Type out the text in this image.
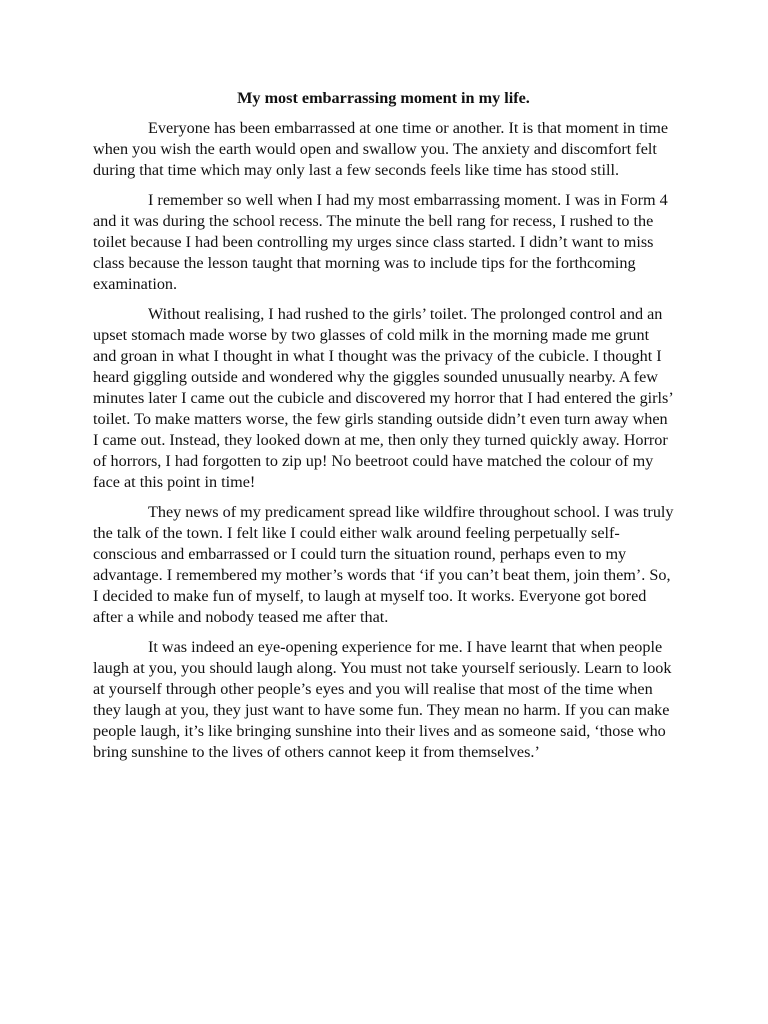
My most embarrassing moment in my life.

Everyone has been embarrassed at one time or another. It is that moment in time when you wish the earth would open and swallow you. The anxiety and discomfort felt during that time which may only last a few seconds feels like time has stood still.

I remember so well when I had my most embarrassing moment. I was in Form 4 and it was during the school recess. The minute the bell rang for recess, I rushed to the toilet because I had been controlling my urges since class started. I didn’t want to miss class because the lesson taught that morning was to include tips for the forthcoming examination.

Without realising, I had rushed to the girls’ toilet. The prolonged control and an upset stomach made worse by two glasses of cold milk in the morning made me grunt and groan in what I thought in what I thought was the privacy of the cubicle. I thought I heard giggling outside and wondered why the giggles sounded unusually nearby. A few minutes later I came out the cubicle and discovered my horror that I had entered the girls’ toilet. To make matters worse, the few girls standing outside didn’t even turn away when I came out. Instead, they looked down at me, then only they turned quickly away. Horror of horrors, I had forgotten to zip up! No beetroot could have matched the colour of my face at this point in time!

They news of my predicament spread like wildfire throughout school. I was truly the talk of the town. I felt like I could either walk around feeling perpetually self-conscious and embarrassed or I could turn the situation round, perhaps even to my advantage. I remembered my mother’s words that ‘if you can’t beat them, join them’. So, I decided to make fun of myself, to laugh at myself too. It works. Everyone got bored after a while and nobody teased me after that.

It was indeed an eye-opening experience for me. I have learnt that when people laugh at you, you should laugh along. You must not take yourself seriously. Learn to look at yourself through other people’s eyes and you will realise that most of the time when they laugh at you, they just want to have some fun. They mean no harm. If you can make people laugh, it’s like bringing sunshine into their lives and as someone said, ‘those who bring sunshine to the lives of others cannot keep it from themselves.’
